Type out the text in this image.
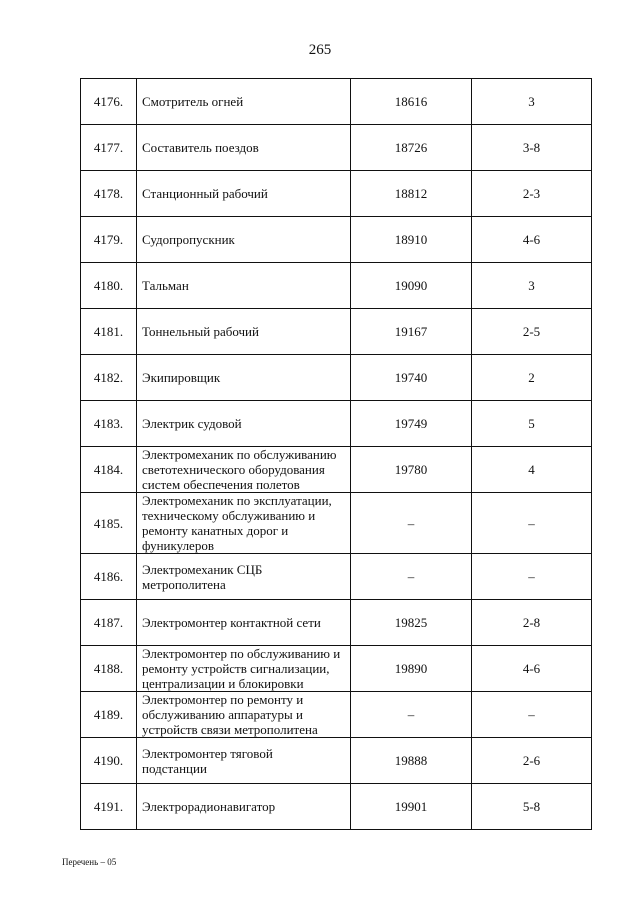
265
4176.	Смотритель огней	18616	3
4177.	Составитель поездов	18726	3-8
4178.	Станционный рабочий	18812	2-3
4179.	Судопропускник	18910	4-6
4180.	Тальман	19090	3
4181.	Тоннельный рабочий	19167	2-5
4182.	Экипировщик	19740	2
4183.	Электрик судовой	19749	5
4184.	Электромеханик по обслуживанию
светотехнического оборудования
систем обеспечения полетов	19780	4
4185.	Электромеханик по эксплуатации,
техническому обслуживанию и
ремонту канатных дорог и
фуникулеров	–	–
4186.	Электромеханик СЦБ
метрополитена	–	–
4187.	Электромонтер контактной сети	19825	2-8
4188.	Электромонтер по обслуживанию и
ремонту устройств сигнализации,
централизации и блокировки	19890	4-6
4189.	Электромонтер по ремонту и
обслуживанию аппаратуры и
устройств связи метрополитена	–	–
4190.	Электромонтер тяговой
подстанции	19888	2-6
4191.	Электрорадионавигатор	19901	5-8
Перечень – 05
